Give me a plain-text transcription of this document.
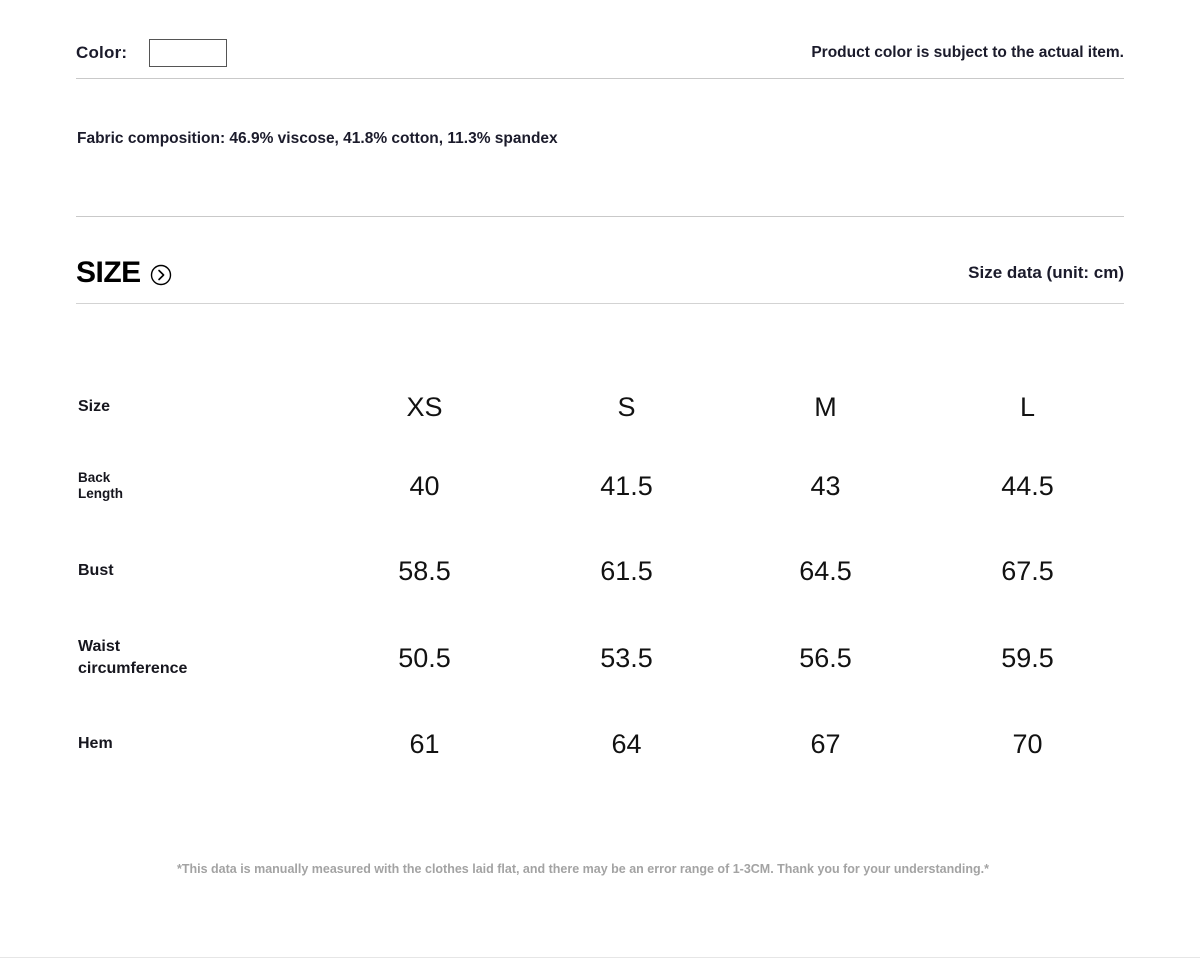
Color:	Product color is subject to the actual item.
Fabric composition: 46.9% viscose, 41.8% cotton, 11.3% spandex
SIZE	Size data (unit: cm)
Size	XS	S	M	L
Back
Length	40	41.5	43	44.5
Bust	58.5	61.5	64.5	67.5
Waist
circumference	50.5	53.5	56.5	59.5
Hem	61	64	67	70
*This data is manually measured with the clothes laid flat, and there may be an error range of 1-3CM. Thank you for your understanding.*
